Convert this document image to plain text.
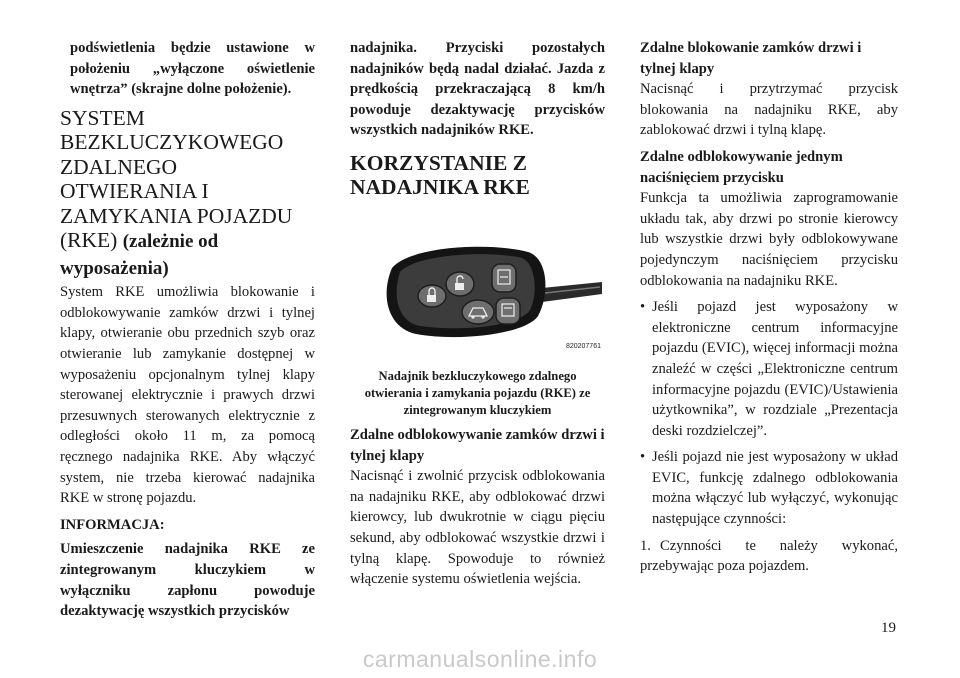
podświetlenia będzie ustawione w położeniu „wyłączone oświetlenie wnętrza” (skrajne dolne położenie).

SYSTEM BEZKLUCZYKOWEGO ZDALNEGO OTWIERANIA I ZAMYKANIA POJAZDU (RKE) (zależnie od wyposażenia)

System RKE umożliwia blokowanie i odblokowywanie zamków drzwi i tylnej klapy, otwieranie obu przednich szyb oraz otwieranie lub zamykanie dostępnej w wyposażeniu opcjonalnym tylnej klapy sterowanej elektrycznie i prawych drzwi przesuwnych sterowanych elektrycznie z odległości około 11 m, za pomocą ręcznego nadajnika RKE. Aby włączyć system, nie trzeba kierować nadajnika RKE w stronę pojazdu.

INFORMACJA:

Umieszczenie nadajnika RKE ze zintegrowanym kluczykiem w wyłączniku zapłonu powoduje dezaktywację wszystkich przycisków

nadajnika. Przyciski pozostałych nadajników będą nadal działać. Jazda z prędkością przekraczającą 8 km/h powoduje dezaktywację przycisków wszystkich nadajników RKE.

KORZYSTANIE Z NADAJNIKA RKE
820207761

Nadajnik bezkluczykowego zdalnego otwierania i zamykania pojazdu (RKE) ze zintegrowanym kluczykiem

Zdalne odblokowywanie zamków drzwi i tylnej klapy

Nacisnąć i zwolnić przycisk odblokowania na nadajniku RKE, aby odblokować drzwi kierowcy, lub dwukrotnie w ciągu pięciu sekund, aby odblokować wszystkie drzwi i tylną klapę. Spowoduje to również włączenie systemu oświetlenia wejścia.

Zdalne blokowanie zamków drzwi i tylnej klapy

Nacisnąć i przytrzymać przycisk blokowania na nadajniku RKE, aby zablokować drzwi i tylną klapę.

Zdalne odblokowywanie jednym naciśnięciem przycisku

Funkcja ta umożliwia zaprogramowanie układu tak, aby drzwi po stronie kierowcy lub wszystkie drzwi były odblokowywane pojedynczym naciśnięciem przycisku odblokowania na nadajniku RKE.

• Jeśli pojazd jest wyposażony w elektroniczne centrum informacyjne pojazdu (EVIC), więcej informacji można znaleźć w części „Elektroniczne centrum informacyjne pojazdu (EVIC)/Ustawienia użytkownika”, w rozdziale „Prezentacja deski rozdzielczej”.
• Jeśli pojazd nie jest wyposażony w układ EVIC, funkcję zdalnego odblokowania można włączyć lub wyłączyć, wykonując następujące czynności:

1. Czynności te należy wykonać, przebywając poza pojazdem.

19
carmanualsonline.info
